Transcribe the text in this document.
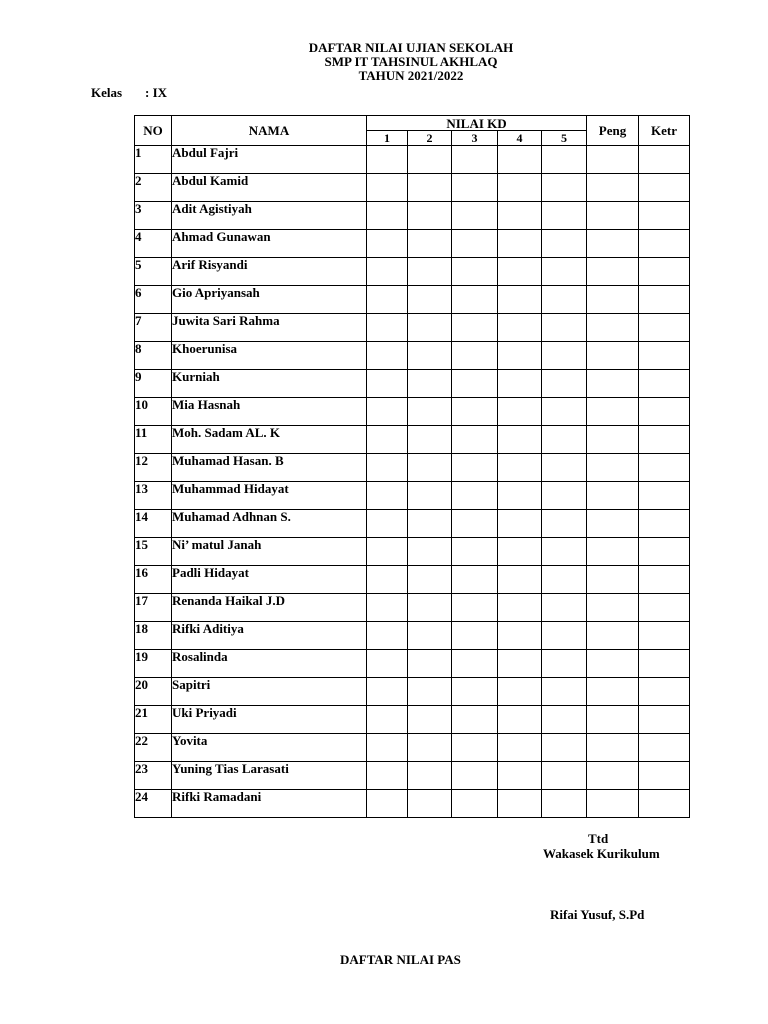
DAFTAR NILAI UJIAN SEKOLAH
SMP IT TAHSINUL AKHLAQ
TAHUN 2021/2022
Kelas : IX
NO	NAMA	NILAI KD					Peng	Ketr
		1	2	3	4	5		
1	Abdul Fajri							
2	Abdul Kamid							
3	Adit Agistiyah							
4	Ahmad Gunawan							
5	Arif Risyandi							
6	Gio Apriyansah							
7	Juwita Sari Rahma							
8	Khoerunisa							
9	Kurniah							
10	Mia Hasnah							
11	Moh. Sadam AL. K							
12	Muhamad Hasan. B							
13	Muhammad Hidayat							
14	Muhamad Adhnan S.							
15	Ni’ matul Janah							
16	Padli Hidayat							
17	Renanda Haikal J.D							
18	Rifki Aditiya							
19	Rosalinda							
20	Sapitri							
21	Uki Priyadi							
22	Yovita							
23	Yuning Tias Larasati							
24	Rifki Ramadani							
Ttd
Wakasek Kurikulum
Rifai Yusuf, S.Pd
DAFTAR NILAI PAS
